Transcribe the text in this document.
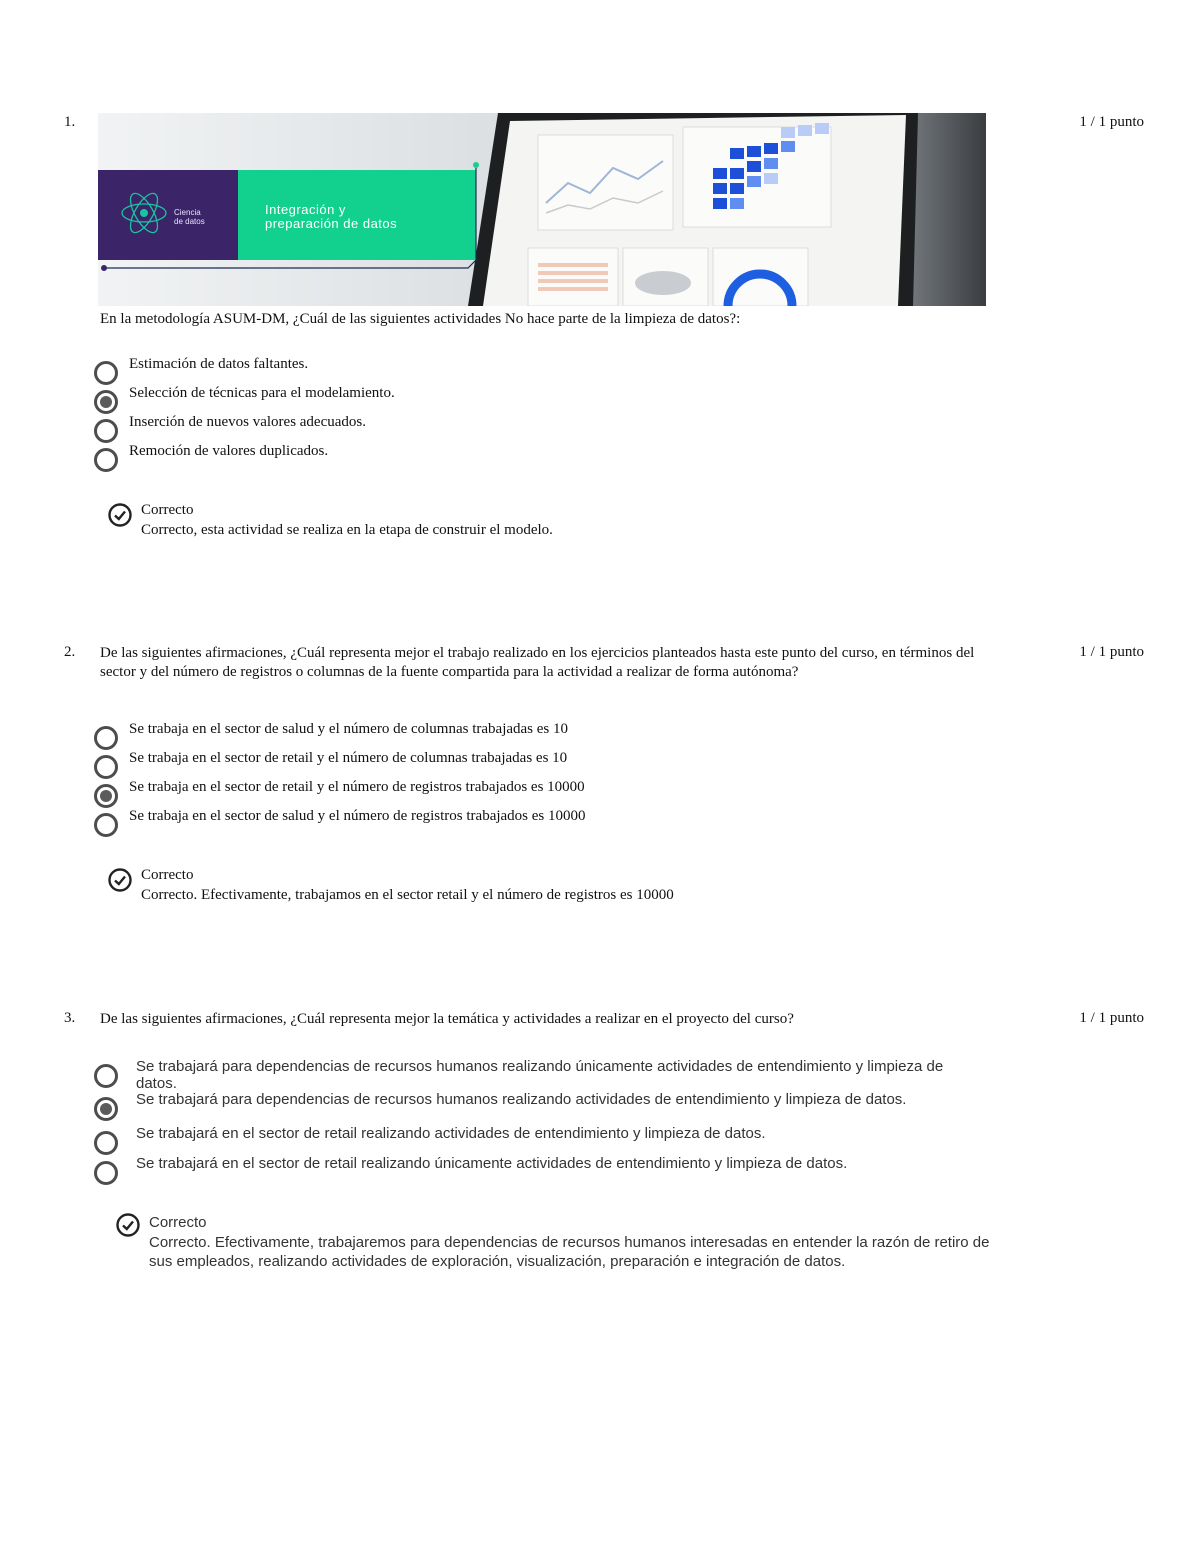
1.	1 / 1 punto
Ciencia
de datos
Integración y
preparación de datos
En la metodología ASUM-DM, ¿Cuál de las siguientes actividades No hace parte de la limpieza de datos?:
Estimación de datos faltantes.
Selección de técnicas para el modelamiento.
Inserción de nuevos valores adecuados.
Remoción de valores duplicados.
Correcto
Correcto, esta actividad se realiza en la etapa de construir el modelo.
2.	1 / 1 punto
De las siguientes afirmaciones, ¿Cuál representa mejor el trabajo realizado en los ejercicios planteados hasta este punto del curso, en términos del sector y del número de registros o columnas de la fuente compartida para la actividad a realizar de forma autónoma?
Se trabaja en el sector de salud y el número de columnas trabajadas es 10
Se trabaja en el sector de retail y el número de columnas trabajadas es 10
Se trabaja en el sector de retail y el número de registros trabajados es 10000
Se trabaja en el sector de salud y el número de registros trabajados es 10000
Correcto
Correcto. Efectivamente, trabajamos en el sector retail y el número de registros es 10000
3.	1 / 1 punto
De las siguientes afirmaciones, ¿Cuál representa mejor la temática y actividades a realizar en el proyecto del curso?
Se trabajará para dependencias de recursos humanos realizando únicamente actividades de entendimiento y limpieza de datos.
Se trabajará para dependencias de recursos humanos realizando actividades de entendimiento y limpieza de datos.
Se trabajará en el sector de retail realizando actividades de entendimiento y limpieza de datos.
Se trabajará en el sector de retail realizando únicamente actividades de entendimiento y limpieza de datos.
Correcto
Correcto. Efectivamente, trabajaremos para dependencias de recursos humanos interesadas en entender la razón de retiro de sus empleados, realizando actividades de exploración, visualización, preparación e integración de datos.
